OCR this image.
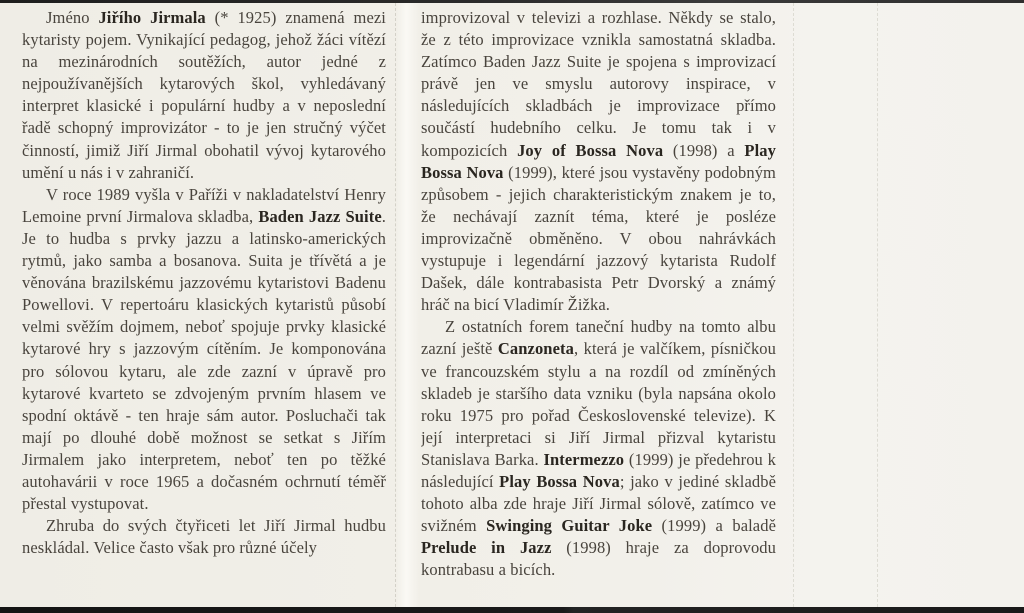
Jméno Jiřího Jirmala (* 1925) znamená mezi kytaristy pojem. Vynikající pedagog, jehož žáci vítězí na mezinárodních soutěžích, autor jedné z nejpoužívanějších kytarových škol, vyhledávaný interpret klasické i populární hudby a v neposlední řadě schopný improvizátor - to je jen stručný výčet činností, jimiž Jiří Jirmal obohatil vývoj kytarového umění u nás i v zahraničí.

V roce 1989 vyšla v Paříži v nakladatelství Henry Lemoine první Jirmalova skladba, Baden Jazz Suite. Je to hudba s prvky jazzu a latinsko-amerických rytmů, jako samba a bosanova. Suita je třívětá a je věnována brazilskému jazzovému kytaristovi Badenu Powellovi. V repertoáru klasických kytaristů působí velmi svěžím dojmem, neboť spojuje prvky klasické kytarové hry s jazzovým cítěním. Je komponována pro sólovou kytaru, ale zde zazní v úpravě pro kytarové kvarteto se zdvojeným prvním hlasem ve spodní oktávě - ten hraje sám autor. Posluchači tak mají po dlouhé době možnost se setkat s Jiřím Jirmalem jako interpretem, neboť ten po těžké autohavárii v roce 1965 a dočasném ochrnutí téměř přestal vystupovat.

Zhruba do svých čtyřiceti let Jiří Jirmal hudbu neskládal. Velice často však pro různé účely

improvizoval v televizi a rozhlase. Někdy se stalo, že z této improvizace vznikla samostatná skladba. Zatímco Baden Jazz Suite je spojena s improvizací právě jen ve smyslu autorovy inspirace, v následujících skladbách je improvizace přímo součástí hudebního celku. Je tomu tak i v kompozicích Joy of Bossa Nova (1998) a Play Bossa Nova (1999), které jsou vystavěny podobným způsobem - jejich charakteristickým znakem je to, že nechávají zaznít téma, které je posléze improvizačně obměněno. V obou nahrávkách vystupuje i legendární jazzový kytarista Rudolf Dašek, dále kontrabasista Petr Dvorský a známý hráč na bicí Vladimír Žižka.

Z ostatních forem taneční hudby na tomto albu zazní ještě Canzoneta, která je valčíkem, písničkou ve francouzském stylu a na rozdíl od zmíněných skladeb je staršího data vzniku (byla napsána okolo roku 1975 pro pořad Československé televize). K její interpretaci si Jiří Jirmal přizval kytaristu Stanislava Barka. Intermezzo (1999) je předehrou k následující Play Bossa Nova; jako v jediné skladbě tohoto alba zde hraje Jiří Jirmal sólově, zatímco ve svižném Swinging Guitar Joke (1999) a baladě Prelude in Jazz (1998) hraje za doprovodu kontrabasu a bicích.
